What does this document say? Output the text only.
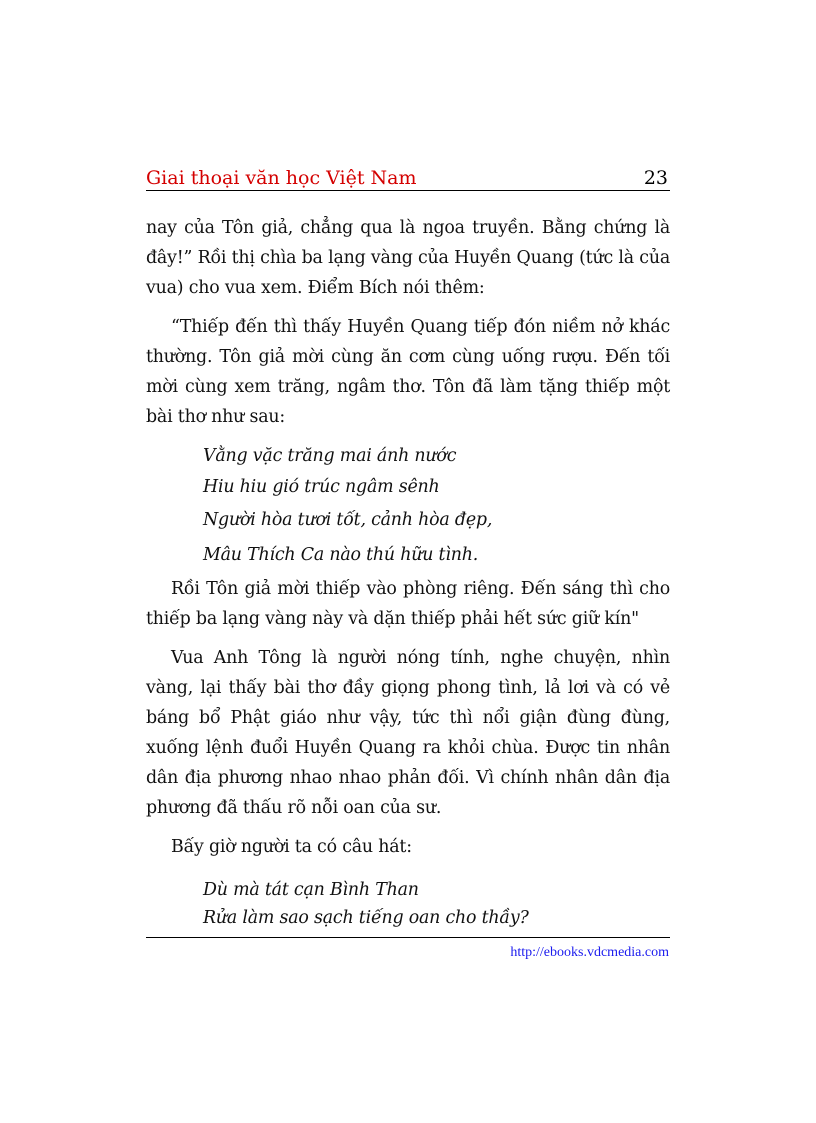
Giai thoại văn học Việt Nam	23

nay của Tôn giả, chẳng qua là ngoa truyền. Bằng chứng là đây!” Rồi thị chìa ba lạng vàng của Huyền Quang (tức là của vua) cho vua xem. Điểm Bích nói thêm:

“Thiếp đến thì thấy Huyền Quang tiếp đón niềm nở khác thường. Tôn giả mời cùng ăn cơm cùng uống rượu. Đến tối mời cùng xem trăng, ngâm thơ. Tôn đã làm tặng thiếp một bài thơ như sau:

Vằng vặc trăng mai ánh nước
Hiu hiu gió trúc ngâm sênh
Người hòa tươi tốt, cảnh hòa đẹp,
Mâu Thích Ca nào thú hữu tình.

Rồi Tôn giả mời thiếp vào phòng riêng. Đến sáng thì cho thiếp ba lạng vàng này và dặn thiếp phải hết sức giữ kín"

Vua Anh Tông là người nóng tính, nghe chuyện, nhìn vàng, lại thấy bài thơ đầy giọng phong tình, lả lơi và có vẻ báng bổ Phật giáo như vậy, tức thì nổi giận đùng đùng, xuống lệnh đuổi Huyền Quang ra khỏi chùa. Được tin nhân dân địa phương nhao nhao phản đối. Vì chính nhân dân địa phương đã thấu rõ nỗi oan của sư.

Bấy giờ người ta có câu hát:

Dù mà tát cạn Bình Than
Rửa làm sao sạch tiếng oan cho thầy?
http://ebooks.vdcmedia.com
